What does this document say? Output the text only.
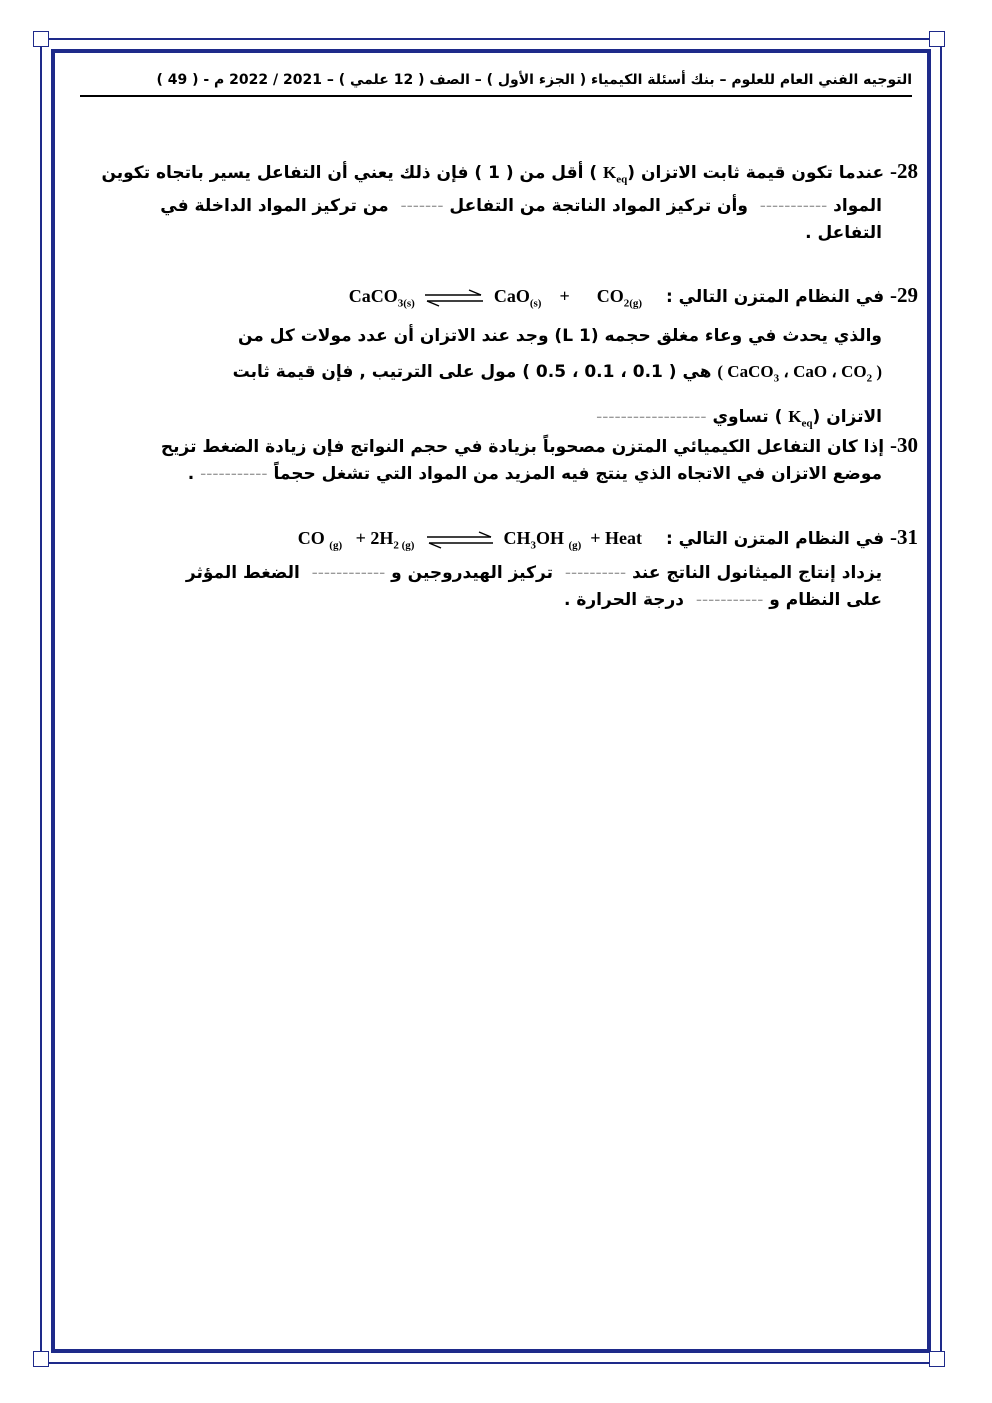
التوجيه الفني العام للعلوم – بنك أسئلة الكيمياء ( الجزء الأول ) – الصف ( 12 علمي ) – 2021 / 2022 م - ( 49 )
28- عندما تكون قيمة ثابت الاتزان ($K_{eq}$ ) أقل من ( 1 ) فإن ذلك يعني أن التفاعل يسير باتجاه تكوين
المواد -----------  وأن تركيز المواد الناتجة من التفاعل -------  من تركيز المواد الداخلة في
التفاعل .
29- في النظام المتزن التالي : CaCO$_{3(s)}$ ⇌ $CaO_{(s)} + CO_{2(g)}$
والذي يحدث في وعاء مغلق حجمه (1 L) وجد عند الاتزان أن عدد مولات كل من
( CaCO$_3$ ، CaO ، $CO_2$ ) هي ( 0.1 ، 0.1 ، 0.5 ) مول على الترتيب , فإن قيمة ثابت
الاتزان ($K_{eq}$ ) تساوي ------------------
30- إذا كان التفاعل الكيميائي المتزن مصحوباً بزيادة في حجم النواتج فإن زيادة الضغط تزيح
موضع الاتزان في الاتجاه الذي ينتج فيه المزيد من المواد التي تشغل حجماً ----------- .
31- في النظام المتزن التالي : CO $_{(g)} + 2H_{2 (g)}$	$CH_3OH$ $_{(g)}$ + Heat
يزداد إنتاج الميثانول الناتج عند ----------  تركيز الهيدروجين و ------------  الضغط المؤثر
على النظام و -----------  درجة الحرارة .
